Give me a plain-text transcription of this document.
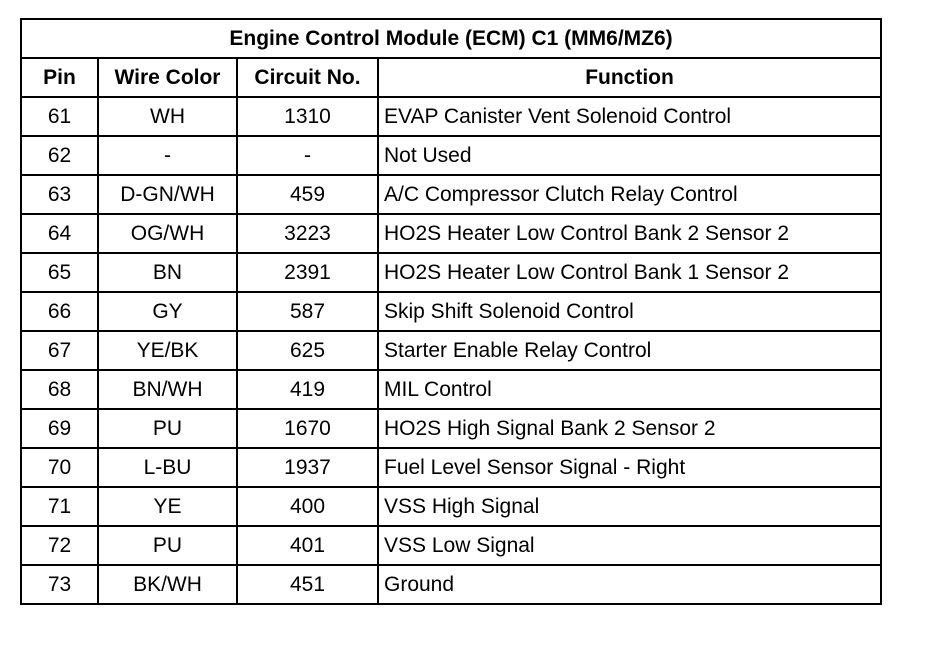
Engine Control Module (ECM) C1 (MM6/MZ6)			
Pin	Wire Color	Circuit No.	Function
61	WH	1310	EVAP Canister Vent Solenoid Control
62	-	-	Not Used
63	D-GN/WH	459	A/C Compressor Clutch Relay Control
64	OG/WH	3223	HO2S Heater Low Control Bank 2 Sensor 2
65	BN	2391	HO2S Heater Low Control Bank 1 Sensor 2
66	GY	587	Skip Shift Solenoid Control
67	YE/BK	625	Starter Enable Relay Control
68	BN/WH	419	MIL Control
69	PU	1670	HO2S High Signal Bank 2 Sensor 2
70	L-BU	1937	Fuel Level Sensor Signal - Right
71	YE	400	VSS High Signal
72	PU	401	VSS Low Signal
73	BK/WH	451	Ground
